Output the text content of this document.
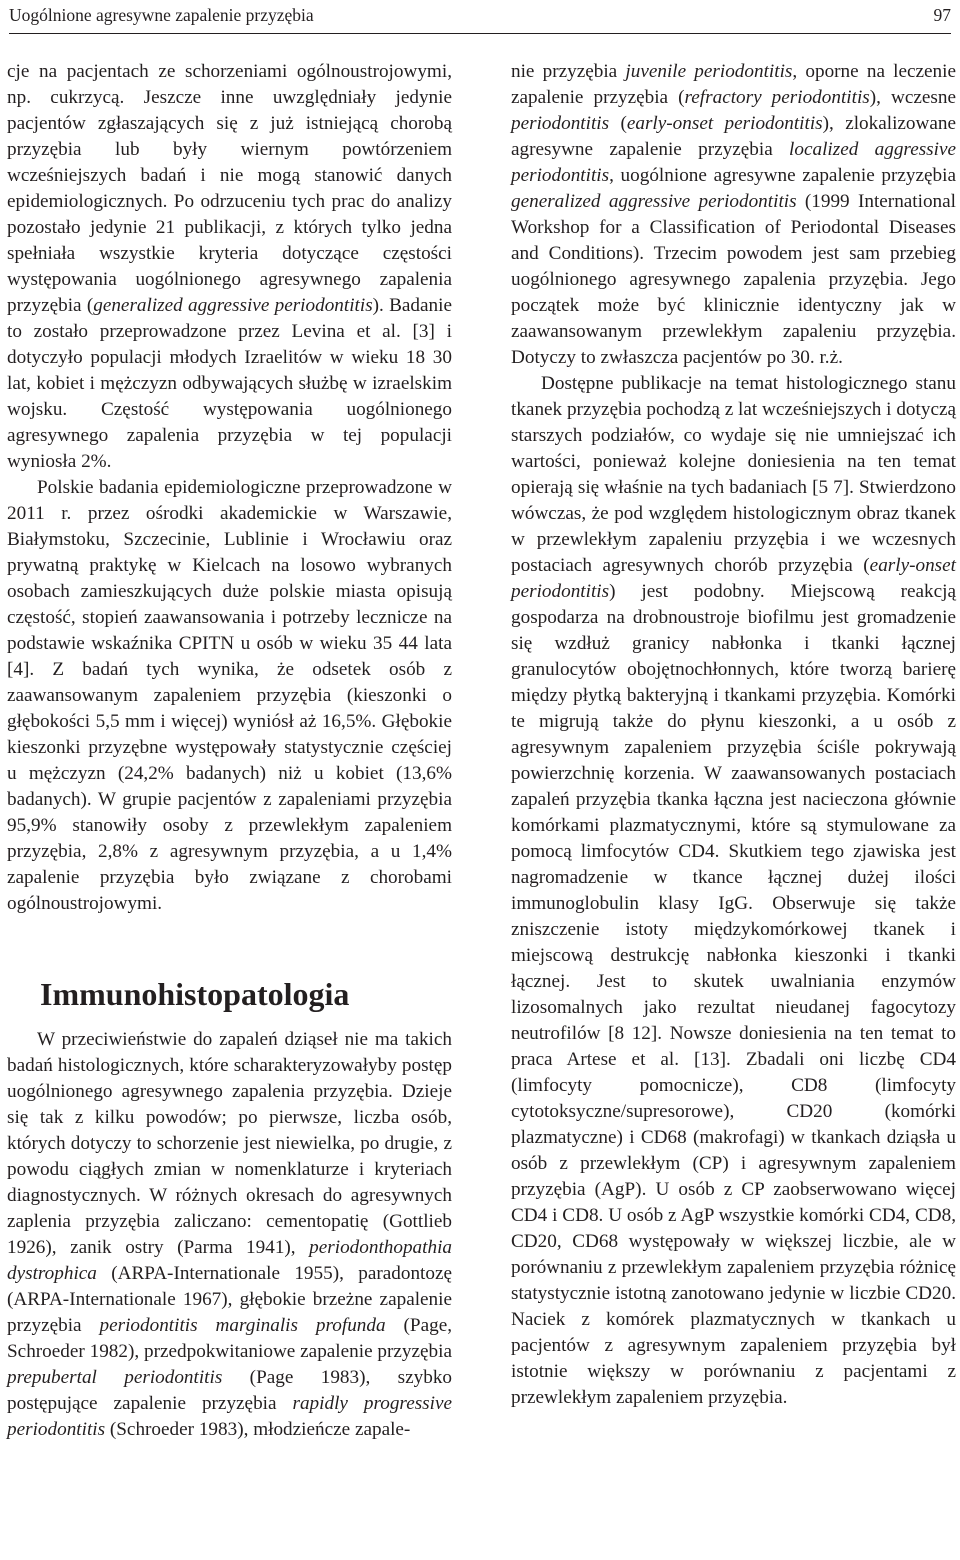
Uogólnione agresywne zapalenie przyzębia	97

cje na pacjentach ze schorzeniami ogólnoustrojowymi, np. cukrzycą. Jeszcze inne uwzględniały jedynie pacjentów zgłaszających się z już istniejącą chorobą przyzębia lub były wiernym powtórzeniem wcześniejszych badań i nie mogą stanowić danych epidemiologicznych. Po odrzuceniu tych prac do analizy pozostało jedynie 21 publikacji, z których tylko jedna spełniała wszystkie kryteria dotyczące częstości występowania uogólnionego agresywnego zapalenia przyzębia (generalized aggressive periodontitis). Badanie to zostało przeprowadzone przez Levina et al. [3] i dotyczyło populacji młodych Izraelitów w wieku 18 30 lat, kobiet i mężczyzn odbywających służbę w izraelskim wojsku. Częstość występowania uogólnionego agresywnego zapalenia przyzębia w tej populacji wyniosła 2%.

Polskie badania epidemiologiczne przeprowadzone w 2011 r. przez ośrodki akademickie w Warszawie, Białymstoku, Szczecinie, Lublinie i Wrocławiu oraz prywatną praktykę w Kielcach na losowo wybranych osobach zamieszkujących duże polskie miasta opisują częstość, stopień zaawansowania i potrzeby lecznicze na podstawie wskaźnika CPITN u osób w wieku 35 44 lata [4]. Z badań tych wynika, że odsetek osób z zaawansowanym zapaleniem przyzębia (kieszonki o głębokości 5,5 mm i więcej) wyniósł aż 16,5%. Głębokie kieszonki przyzębne występowały statystycznie częściej u mężczyzn (24,2% badanych) niż u kobiet (13,6% badanych). W grupie pacjentów z zapaleniami przyzębia 95,9% stanowiły osoby z przewlekłym zapaleniem przyzębia, 2,8% z agresywnym przyzębia, a u 1,4% zapalenie przyzębia było związane z chorobami ogólnoustrojowymi.

Immunohistopatologia

W przeciwieństwie do zapaleń dziąseł nie ma takich badań histologicznych, które scharakteryzowałyby postęp uogólnionego agresywnego zapalenia przyzębia. Dzieje się tak z kilku powodów; po pierwsze, liczba osób, których dotyczy to schorzenie jest niewielka, po drugie, z powodu ciągłych zmian w nomenklaturze i kryteriach diagnostycznych. W różnych okresach do agresywnych zaplenia przyzębia zaliczano: cementopatię (Gottlieb 1926), zanik ostry (Parma 1941), periodonthopathia dystrophica (ARPA-Internationale 1955), paradontozę (ARPA-Internationale 1967), głębokie brzeżne zapalenie przyzębia periodontitis marginalis profunda (Page, Schroeder 1982), przedpokwitaniowe zapalenie przyzębia prepubertal periodontitis (Page 1983), szybko postępujące zapalenie przyzębia rapidly progressive periodontitis (Schroeder 1983), młodzieńcze zapale-

nie przyzębia juvenile periodontitis, oporne na leczenie zapalenie przyzębia (refractory periodontitis), wczesne periodontitis (early-onset periodontitis), zlokalizowane agresywne zapalenie przyzębia localized aggressive periodontitis, uogólnione agresywne zapalenie przyzębia generalized aggressive periodontitis (1999 International Workshop for a Classification of Periodontal Diseases and Conditions). Trzecim powodem jest sam przebieg uogólnionego agresywnego zapalenia przyzębia. Jego początek może być klinicznie identyczny jak w zaawansowanym przewlekłym zapaleniu przyzębia. Dotyczy to zwłaszcza pacjentów po 30. r.ż.

Dostępne publikacje na temat histologicznego stanu tkanek przyzębia pochodzą z lat wcześniejszych i dotyczą starszych podziałów, co wydaje się nie umniejszać ich wartości, ponieważ kolejne doniesienia na ten temat opierają się właśnie na tych badaniach [5 7]. Stwierdzono wówczas, że pod względem histologicznym obraz tkanek w przewlekłym zapaleniu przyzębia i we wczesnych postaciach agresywnych chorób przyzębia (early-onset periodontitis) jest podobny. Miejscową reakcją gospodarza na drobnoustroje biofilmu jest gromadzenie się wzdłuż granicy nabłonka i tkanki łącznej granulocytów obojętnochłonnych, które tworzą barierę między płytką bakteryjną i tkankami przyzębia. Komórki te migrują także do płynu kieszonki, a u osób z agresywnym zapaleniem przyzębia ściśle pokrywają powierzchnię korzenia. W zaawansowanych postaciach zapaleń przyzębia tkanka łączna jest nacieczona głównie komórkami plazmatycznymi, które są stymulowane za pomocą limfocytów CD4. Skutkiem tego zjawiska jest nagromadzenie w tkance łącznej dużej ilości immunoglobulin klasy IgG. Obserwuje się także zniszczenie istoty międzykomórkowej tkanek i miejscową destrukcję nabłonka kieszonki i tkanki łącznej. Jest to skutek uwalniania enzymów lizosomalnych jako rezultat nieudanej fagocytozy neutrofilów [8 12]. Nowsze doniesienia na ten temat to praca Artese et al. [13]. Zbadali oni liczbę CD4 (limfocyty pomocnicze), CD8 (limfocyty cytotoksyczne/supresorowe), CD20 (komórki plazmatyczne) i CD68 (makrofagi) w tkankach dziąsła u osób z przewlekłym (CP) i agresywnym zapaleniem przyzębia (AgP). U osób z CP zaobserwowano więcej CD4 i CD8. U osób z AgP wszystkie komórki CD4, CD8, CD20, CD68 występowały w większej liczbie, ale w porównaniu z przewlekłym zapaleniem przyzębia różnicę statystycznie istotną zanotowano jedynie w liczbie CD20. Naciek z komórek plazmatycznych w tkankach u pacjentów z agresywnym zapaleniem przyzębia był istotnie większy w porównaniu z pacjentami z przewlekłym zapaleniem przyzębia.
